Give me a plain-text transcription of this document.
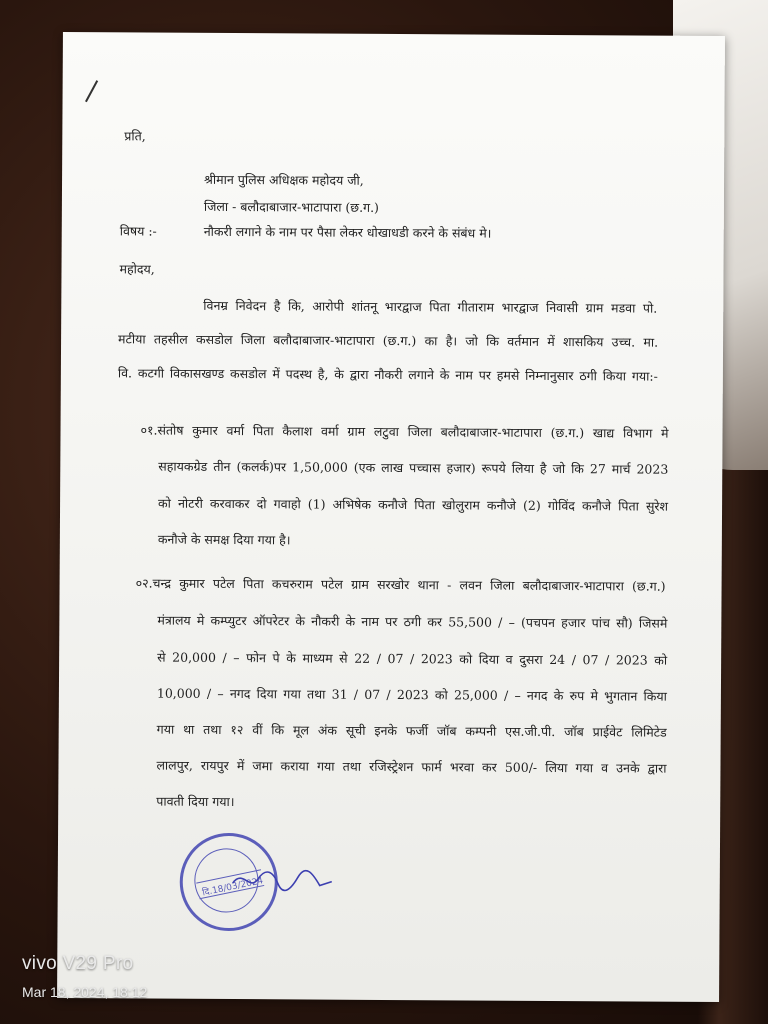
प्रति,
श्रीमान पुलिस अधिक्षक महोदय जी,
जिला - बलौदाबाजार-भाटापारा (छ.ग.)
विषय :-	नौकरी लगाने के नाम पर पैसा लेकर धोखाधडी करने के संबंध मे।
महोदय,
विनम्र निवेदन है कि, आरोपी शांतनू भारद्वाज पिता गीताराम भारद्वाज निवासी ग्राम मडवा पो.
मटीया तहसील कसडोल जिला बलौदाबाजार-भाटापारा (छ.ग.) का है। जो कि वर्तमान में शासकिय उच्च. मा.
वि. कटगी विकासखण्ड कसडोल में पदस्थ है, के द्वारा नौकरी लगाने के नाम पर हमसे निम्नानुसार ठगी किया गया:-
०१.संतोष कुमार वर्मा पिता कैलाश वर्मा ग्राम लटुवा जिला बलौदाबाजार-भाटापारा (छ.ग.) खाद्य विभाग मे
सहायकग्रेड तीन (कलर्क)पर 1,50,000 (एक लाख पच्चास हजार) रूपये लिया है जो कि 27 मार्च 2023
को नोटरी करवाकर दो गवाहो (1) अभिषेक कनौजे पिता खोलुराम कनौजे (2) गोविंद कनौजे पिता सुरेश
कनौजे के समक्ष दिया गया है।
०२.चन्द्र कुमार पटेल पिता कचरुराम पटेल ग्राम सरखोर थाना - लवन जिला बलौदाबाजार-भाटापारा (छ.ग.)
मंत्रालय मे कम्प्युटर ऑपरेटर के नौकरी के नाम पर ठगी कर 55,500 / – (पचपन हजार पांच सौ) जिसमे
से 20,000 / – फोन पे के माध्यम से 22 / 07 / 2023 को दिया व दुसरा 24 / 07 / 2023 को
10,000 / – नगद दिया गया तथा 31 / 07 / 2023 को 25,000 / – नगद के रुप मे भुगतान किया
गया था तथा १२ वीं कि मूल अंक सूची इनके फर्जी जॉब कम्पनी एस.जी.पी. जॉब प्राईवेट लिमिटेड
लालपुर, रायपुर में जमा कराया गया तथा रजिस्ट्रेशन फार्म भरवा कर 500/- लिया गया व उनके द्वारा
पावती दिया गया।
दि.18/03/2024
vivo V29 Pro
Mar 18, 2024, 18:12
